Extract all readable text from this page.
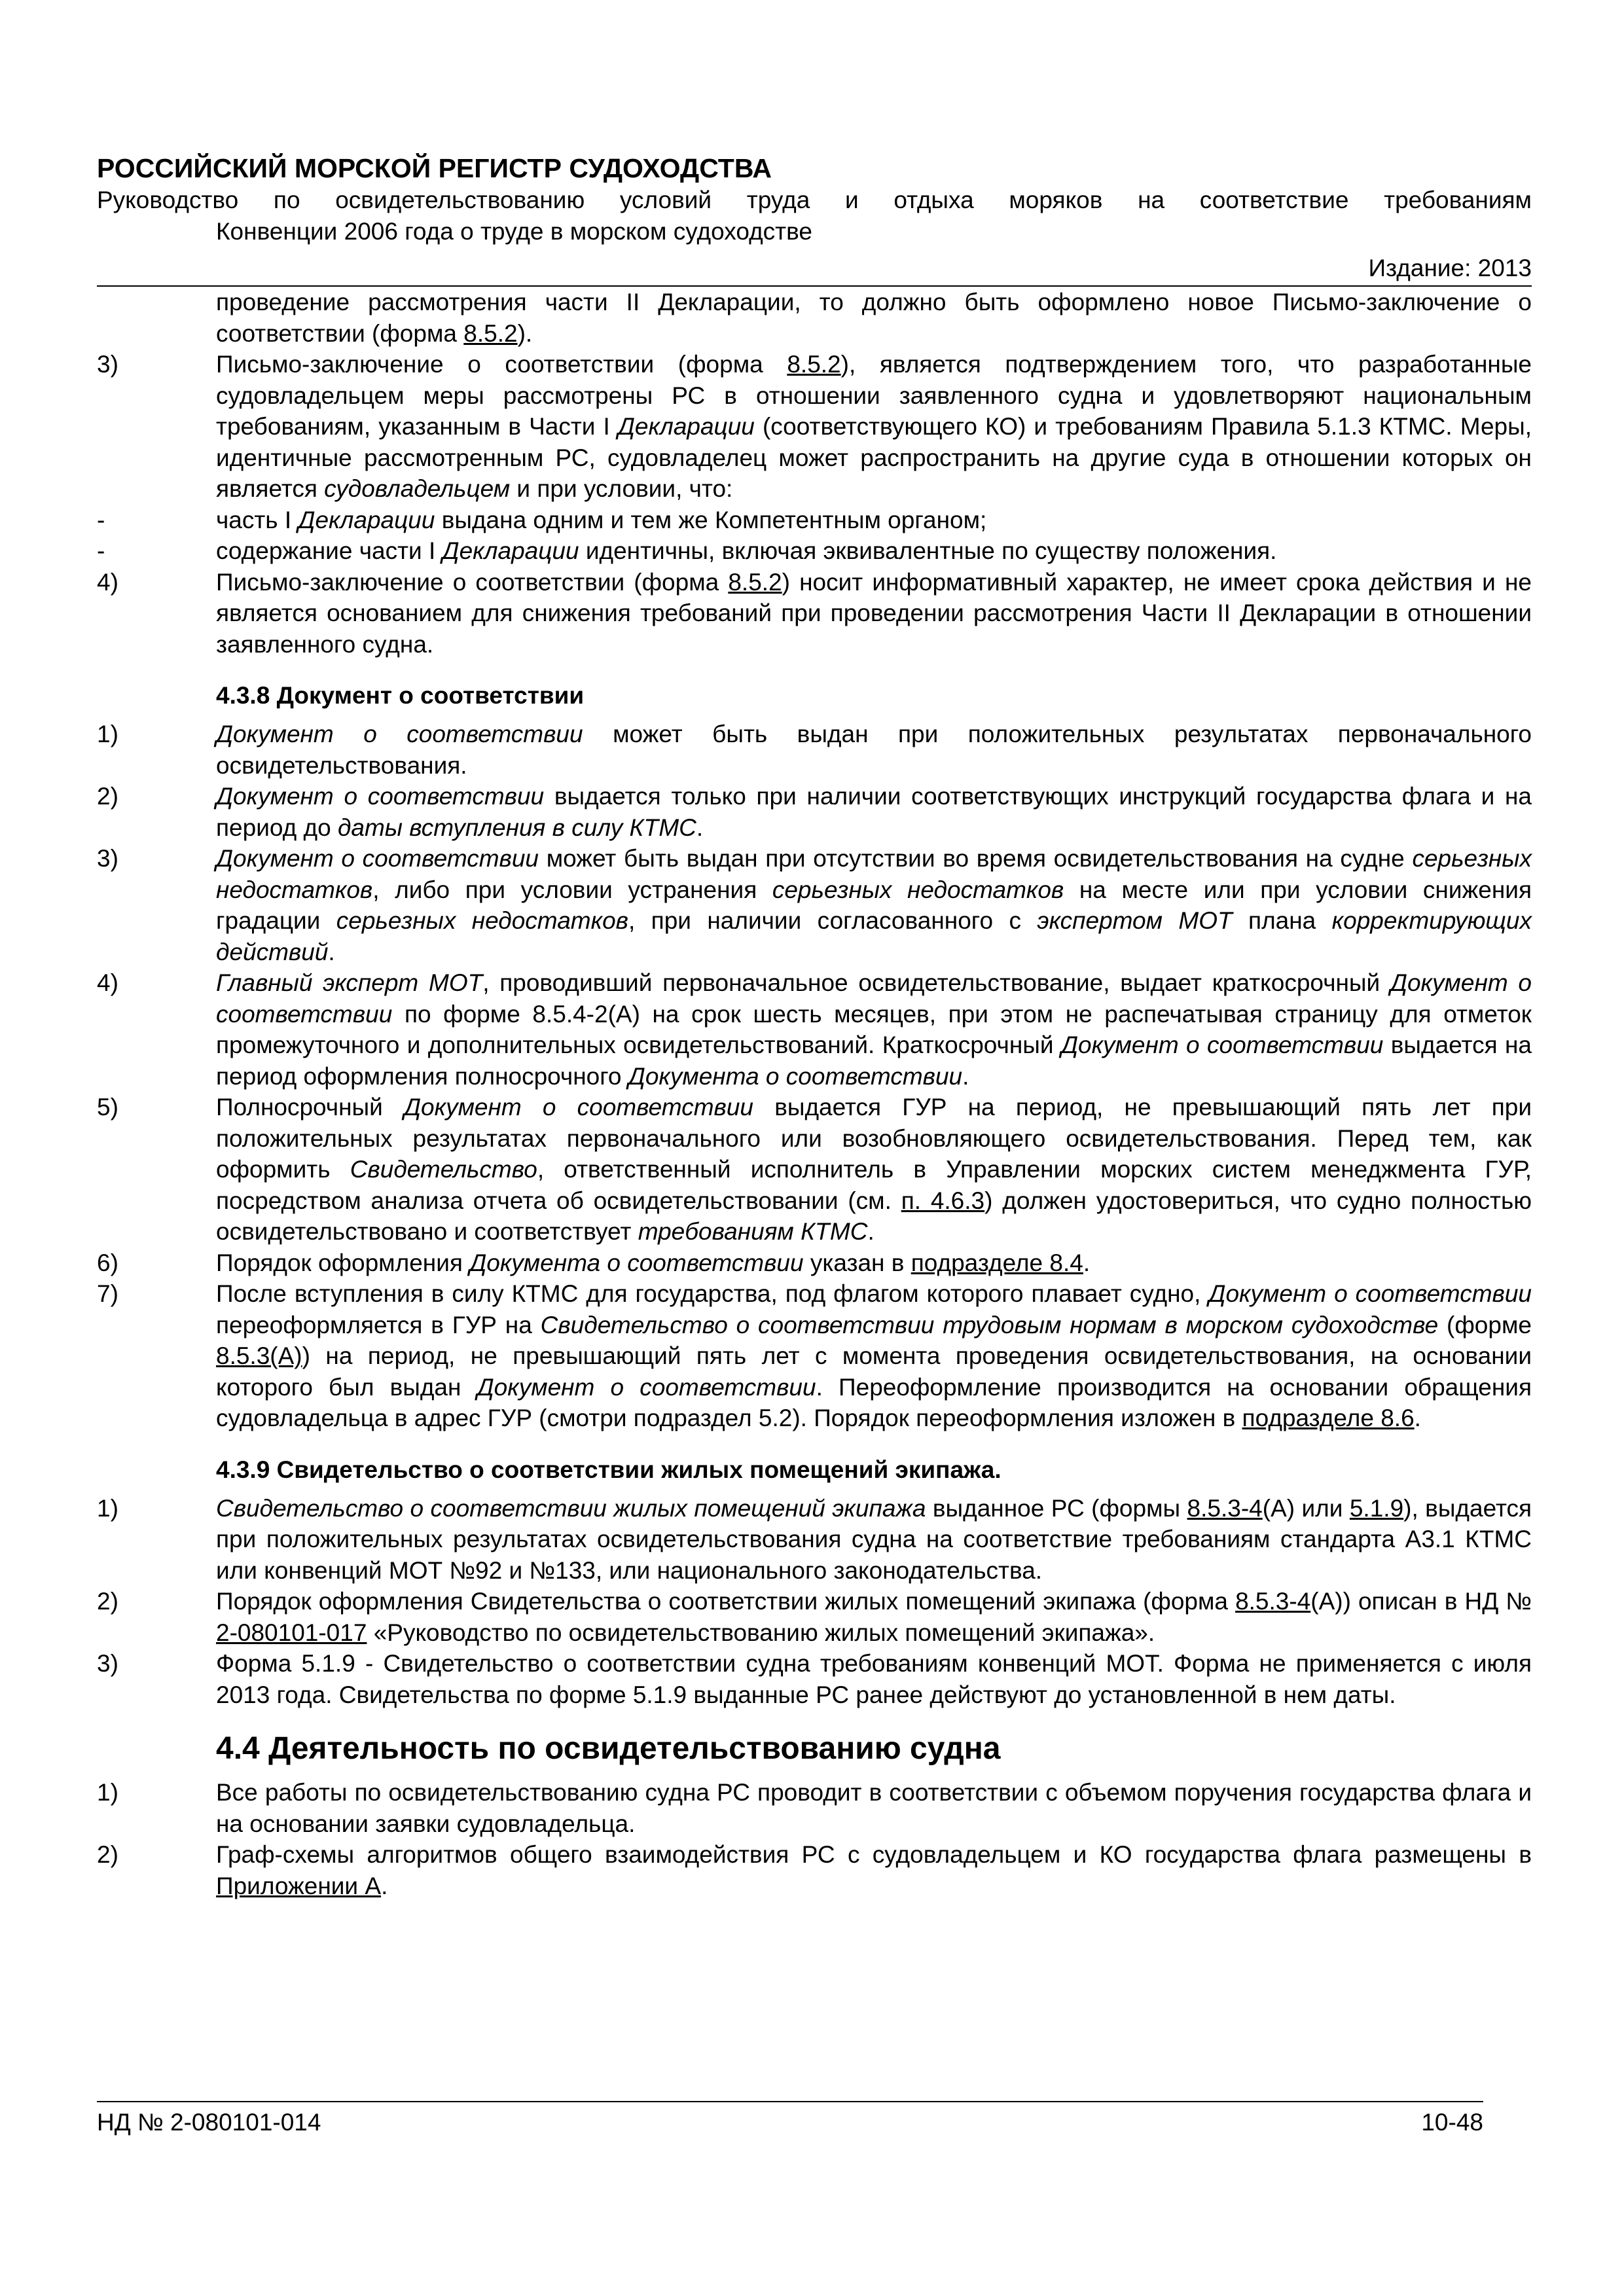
РОССИЙСКИЙ МОРСКОЙ РЕГИСТР СУДОХОДСТВА
Руководство по освидетельствованию условий труда и отдыха моряков на соответствие требованиям
Конвенции 2006 года о труде в морском судоходстве
Издание: 2013
проведение рассмотрения части II Декларации, то должно быть оформлено новое Письмо-заключение о соответствии (форма 8.5.2).
3)	Письмо-заключение о соответствии (форма 8.5.2), является подтверждением того, что разработанные судовладельцем меры рассмотрены РС в отношении заявленного судна и удовлетворяют национальным требованиям, указанным в Части I Декларации (соответствующего КО) и требованиям Правила 5.1.3 КТМС. Меры, идентичные рассмотренным РС, судовладелец может распространить на другие суда в отношении которых он является судовладельцем и при условии, что:
-	часть I Декларации выдана одним и тем же Компетентным органом;
-	содержание части I Декларации идентичны, включая эквивалентные по существу положения.
4)	Письмо-заключение о соответствии (форма 8.5.2) носит информативный характер, не имеет срока действия и не является основанием для снижения требований при проведении рассмотрения Части II Декларации в отношении заявленного судна.
4.3.8 Документ о соответствии
1)	Документ о соответствии может быть выдан при положительных результатах первоначального освидетельствования.
2)	Документ о соответствии выдается только при наличии соответствующих инструкций государства флага и на период до даты вступления в силу КТМС.
3)	Документ о соответствии может быть выдан при отсутствии во время освидетельствования на судне серьезных недостатков, либо при условии устранения серьезных недостатков на месте или при условии снижения градации серьезных недостатков, при наличии согласованного с экспертом МОТ плана корректирующих действий.
4)	Главный эксперт МОТ, проводивший первоначальное освидетельствование, выдает краткосрочный Документ о соответствии по форме 8.5.4-2(А) на срок шесть месяцев, при этом не распечатывая страницу для отметок промежуточного и дополнительных освидетельствований. Краткосрочный Документ о соответствии выдается на период оформления полносрочного Документа о соответствии.
5)	Полносрочный Документ о соответствии выдается ГУР на период, не превышающий пять лет при положительных результатах первоначального или возобновляющего освидетельствования. Перед тем, как оформить Свидетельство, ответственный исполнитель в Управлении морских систем менеджмента ГУР, посредством анализа отчета об освидетельствовании (см. п. 4.6.3) должен удостовериться, что судно полностью освидетельствовано и соответствует требованиям КТМС.
6)	Порядок оформления Документа о соответствии указан в подразделе 8.4.
7)	После вступления в силу КТМС для государства, под флагом которого плавает судно, Документ о соответствии переоформляется в ГУР на Свидетельство о соответствии трудовым нормам в морском судоходстве (форме 8.5.3(А)) на период, не превышающий пять лет с момента проведения освидетельствования, на основании которого был выдан Документ о соответствии. Переоформление производится на основании обращения судовладельца в адрес ГУР (смотри подраздел 5.2). Порядок переоформления изложен в подразделе 8.6.
4.3.9 Свидетельство о соответствии жилых помещений экипажа.
1)	Свидетельство о соответствии жилых помещений экипажа выданное РС (формы 8.5.3-4(А) или 5.1.9), выдается при положительных результатах освидетельствования судна на соответствие требованиям стандарта А3.1 КТМС или конвенций МОТ №92 и №133, или национального законодательства.
2)	Порядок оформления Свидетельства о соответствии жилых помещений экипажа (форма 8.5.3-4(А)) описан в НД № 2-080101-017 «Руководство по освидетельствованию жилых помещений экипажа».
3)	Форма 5.1.9 - Свидетельство о соответствии судна требованиям конвенций МОТ. Форма не применяется с июля 2013 года. Свидетельства по форме 5.1.9 выданные РС ранее действуют до установленной в нем даты.
4.4 Деятельность по освидетельствованию судна
1)	Все работы по освидетельствованию судна РС проводит в соответствии с объемом поручения государства флага и на основании заявки судовладельца.
2)	Граф-схемы алгоритмов общего взаимодействия РС с судовладельцем и КО государства флага размещены в Приложении А.
НД № 2-080101-014	10-48
